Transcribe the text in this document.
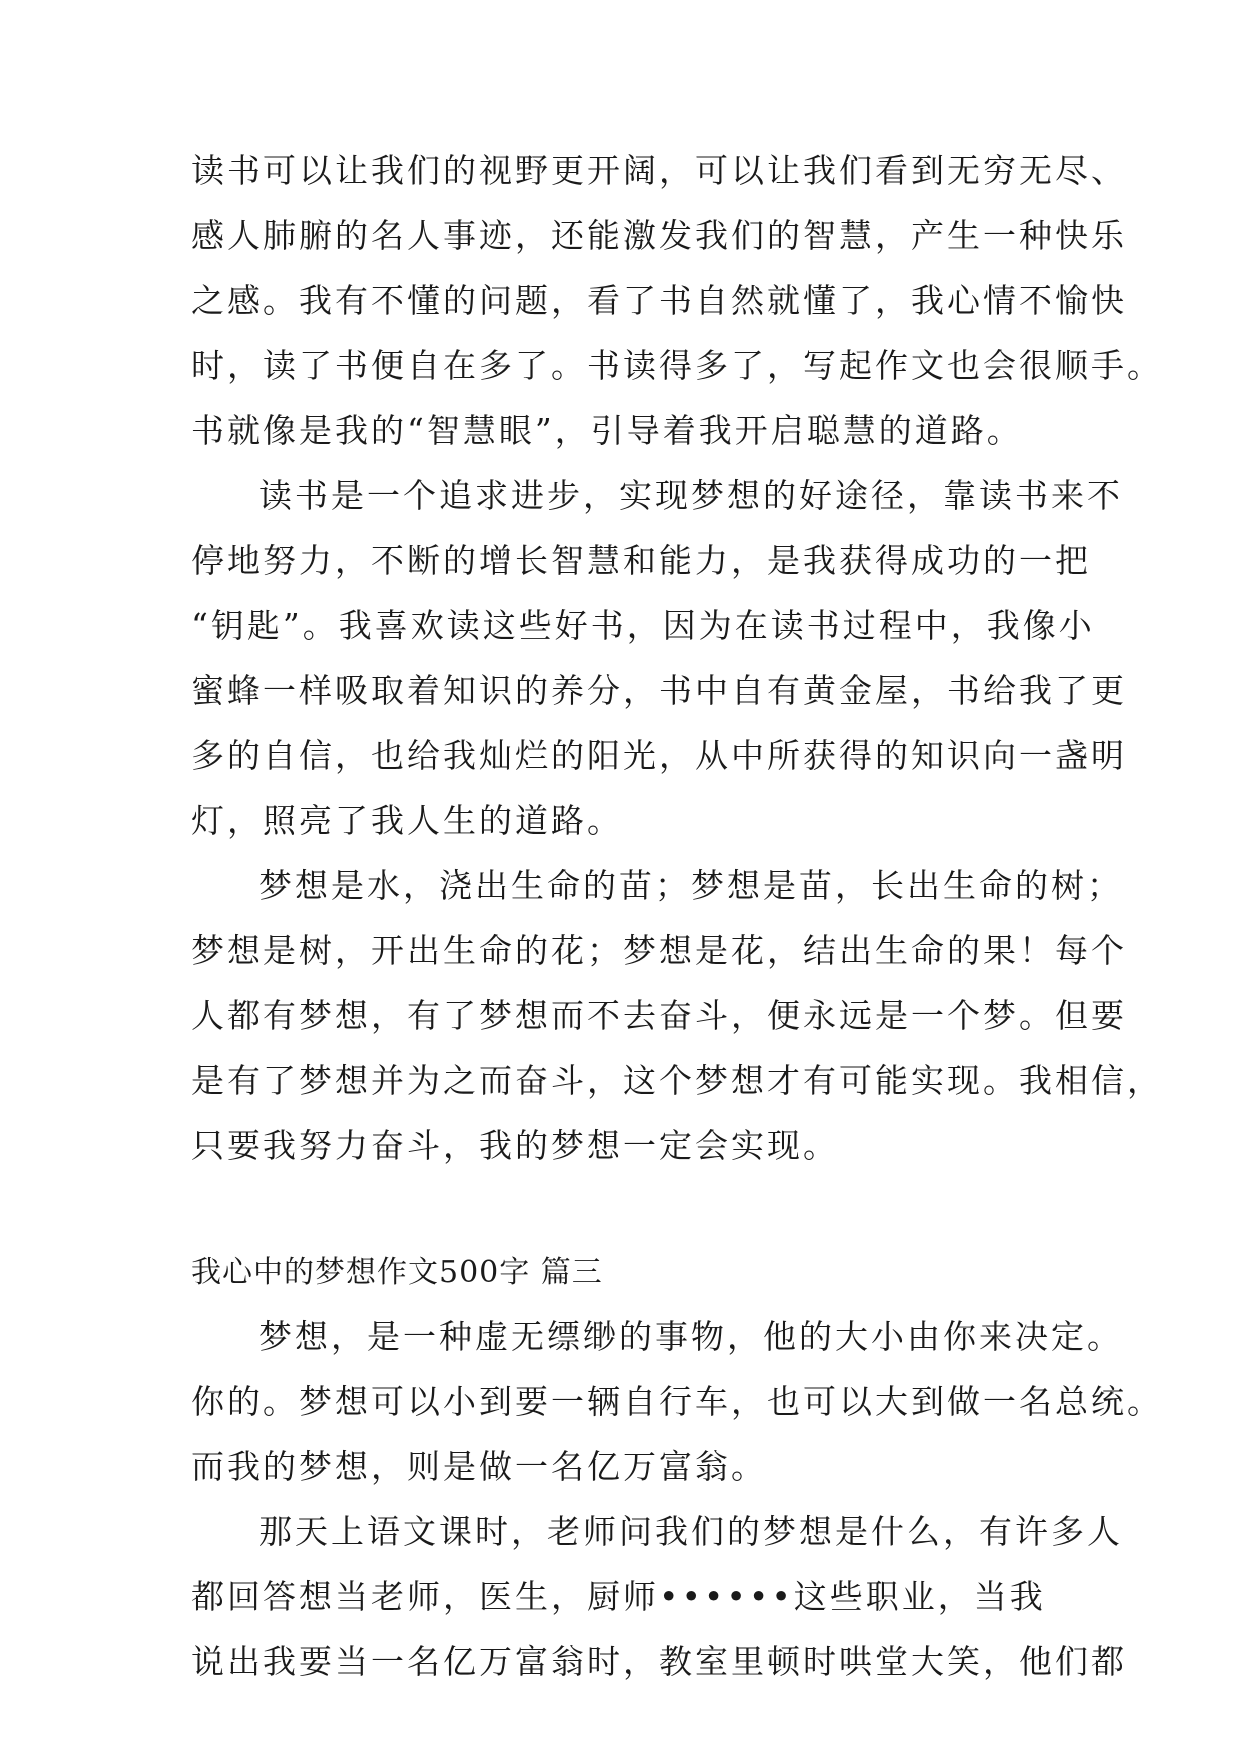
读书可以让我们的视野更开阔，可以让我们看到无穷无尽、
感人肺腑的名人事迹，还能激发我们的智慧，产生一种快乐
之感。我有不懂的问题，看了书自然就懂了，我心情不愉快
时，读了书便自在多了。书读得多了，写起作文也会很顺手。
书就像是我的“智慧眼”，引导着我开启聪慧的道路。
读书是一个追求进步，实现梦想的好途径，靠读书来不
停地努力，不断的增长智慧和能力，是我获得成功的一把
“钥匙”。我喜欢读这些好书，因为在读书过程中，我像小
蜜蜂一样吸取着知识的养分，书中自有黄金屋，书给我了更
多的自信，也给我灿烂的阳光，从中所获得的知识向一盏明
灯，照亮了我人生的道路。
梦想是水，浇出生命的苗；梦想是苗，长出生命的树；
梦想是树，开出生命的花；梦想是花，结出生命的果！每个
人都有梦想，有了梦想而不去奋斗，便永远是一个梦。但要
是有了梦想并为之而奋斗，这个梦想才有可能实现。我相信，
只要我努力奋斗，我的梦想一定会实现。
我心中的梦想作文500字 篇三
梦想，是一种虚无缥缈的事物，他的大小由你来决定。
你的。梦想可以小到要一辆自行车，也可以大到做一名总统。
而我的梦想，则是做一名亿万富翁。
那天上语文课时，老师问我们的梦想是什么，有许多人
都回答想当老师，医生，厨师••••••这些职业，当我
说出我要当一名亿万富翁时，教室里顿时哄堂大笑，他们都
